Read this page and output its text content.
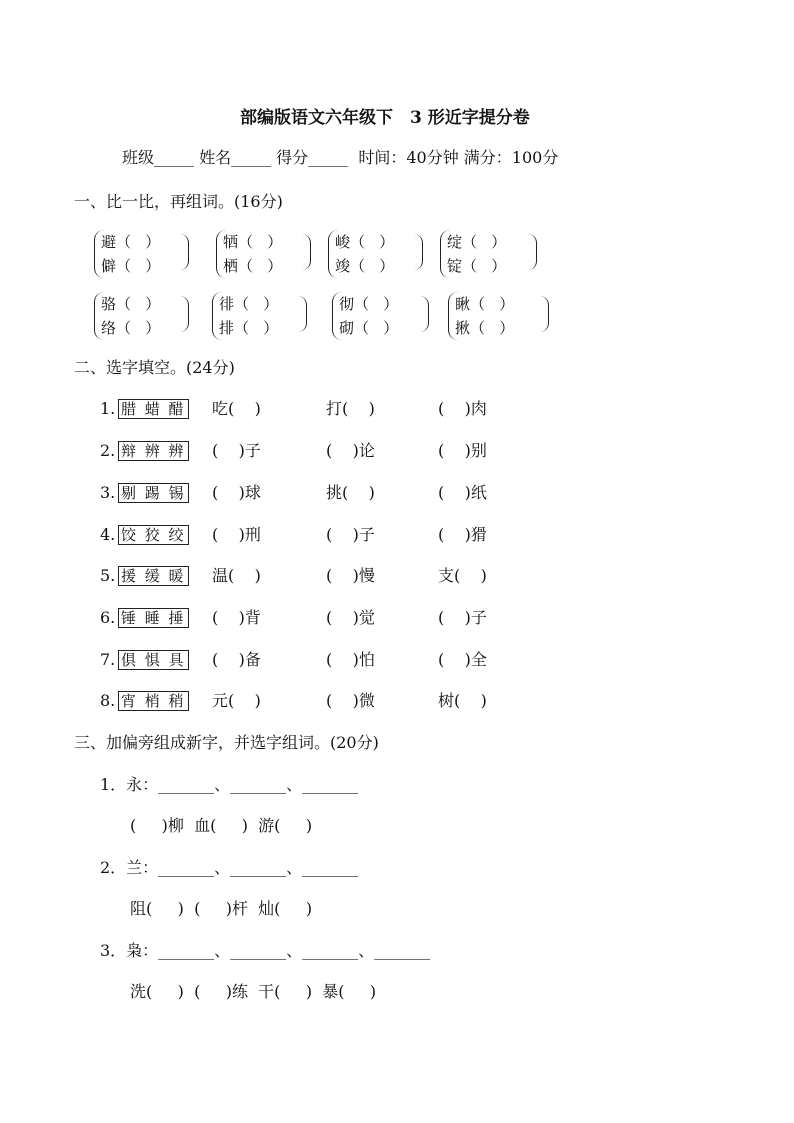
部编版语文六年级下　3 形近字提分卷
班级_____ 姓名_____ 得分_____  时间：40分钟 满分：100分
一、比一比，再组词。(16分)
避（   ）
僻（   ）
牺（   ）
栖（   ）
峻（   ）
竣（   ）
绽（   ）
锭（   ）
骆（   ）
络（   ）
徘（   ）
排（   ）
彻（   ）
砌（   ）
瞅（   ）
揪（   ）
二、选字填空。(24分)
1. 腊 蜡 醋 吃(    )	打(    )	(    )肉
2. 辩 辨 辨 (    )子	(    )论	(    )别
3. 剔 踢 锡 (    )球	挑(    )	(    )纸
4. 饺 狡 绞 (    )刑	(    )子	(    )猾
5. 援 缓 暖 温(    )	(    )慢	支(    )
6. 锤 睡 捶 (    )背	(    )觉	(    )子
7. 俱 惧 具 (    )备	(    )怕	(    )全
8. 宵 梢 稍 元(    )	(    )微	树(    )
三、加偏旁组成新字，并选字组词。(20分)
1．永：_______、_______、_______
(     )柳  血(     )  游(     )
2．兰：_______、_______、_______
阻(     )  (     )杆  灿(     )
3．枭：_______、_______、_______、_______
洗(     )  (     )练  干(     )  暴(     )
